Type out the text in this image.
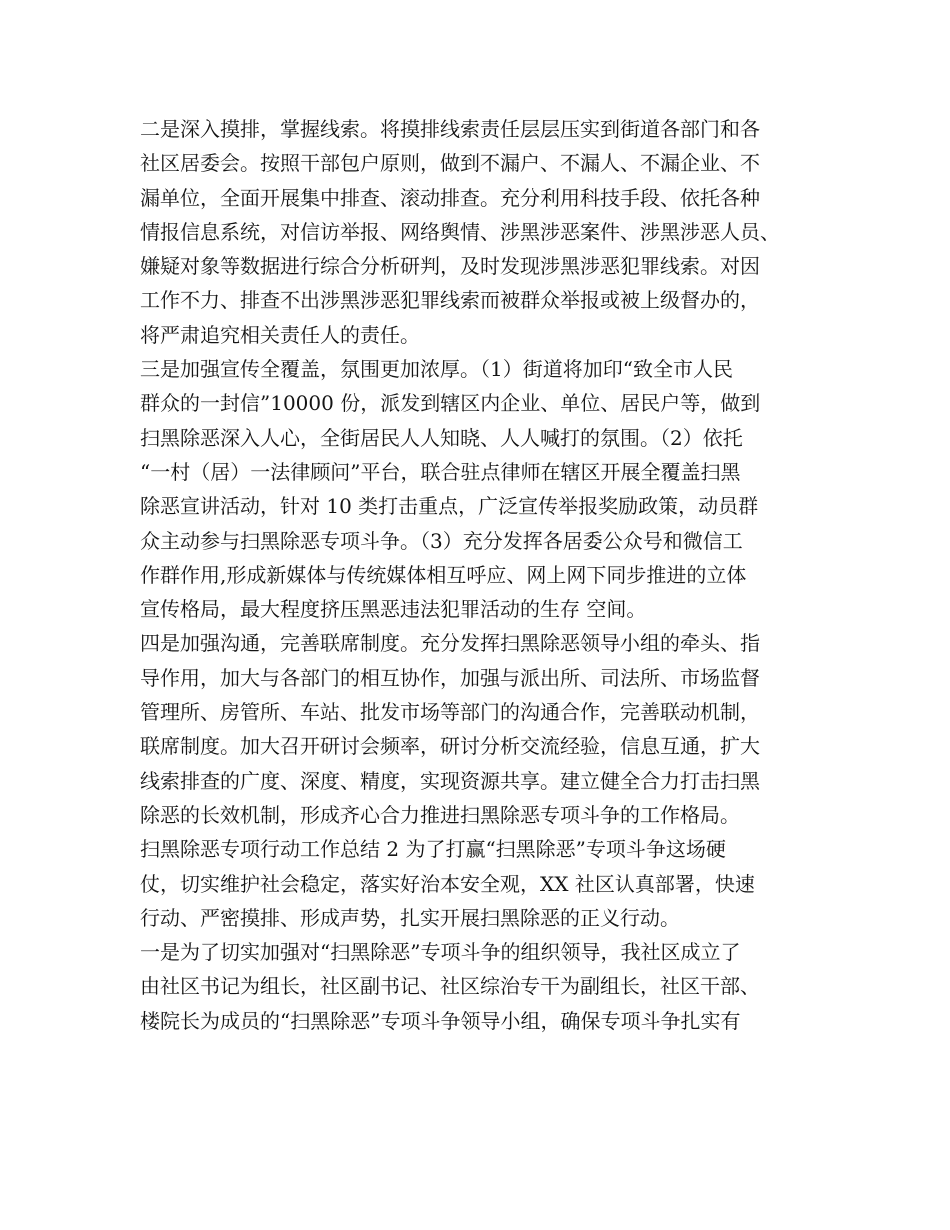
二是深入摸排，掌握线索。将摸排线索责任层层压实到街道各部门和各
社区居委会。按照干部包户原则，做到不漏户、不漏人、不漏企业、不
漏单位，全面开展集中排查、滚动排查。充分利用科技手段、依托各种
情报信息系统，对信访举报、网络舆情、涉黑涉恶案件、涉黑涉恶人员、
嫌疑对象等数据进行综合分析研判，及时发现涉黑涉恶犯罪线索。对因
工作不力、排查不出涉黑涉恶犯罪线索而被群众举报或被上级督办的，
将严肃追究相关责任人的责任。
三是加强宣传全覆盖，氛围更加浓厚。（1）街道将加印“致全市人民
群众的一封信”10000 份，派发到辖区内企业、单位、居民户等，做到
扫黑除恶深入人心，全街居民人人知晓、人人喊打的氛围。（2）依托
“一村（居）一法律顾问”平台，联合驻点律师在辖区开展全覆盖扫黑
除恶宣讲活动，针对 10 类打击重点，广泛宣传举报奖励政策，动员群
众主动参与扫黑除恶专项斗争。（3）充分发挥各居委公众号和微信工
作群作用,形成新媒体与传统媒体相互呼应、网上网下同步推进的立体
宣传格局，最大程度挤压黑恶违法犯罪活动的生存 空间。
四是加强沟通，完善联席制度。充分发挥扫黑除恶领导小组的牵头、指
导作用，加大与各部门的相互协作，加强与派出所、司法所、市场监督
管理所、房管所、车站、批发市场等部门的沟通合作，完善联动机制，
联席制度。加大召开研讨会频率，研讨分析交流经验，信息互通，扩大
线索排查的广度、深度、精度，实现资源共享。建立健全合力打击扫黑
除恶的长效机制，形成齐心合力推进扫黑除恶专项斗争的工作格局。
扫黑除恶专项行动工作总结 2 为了打赢“扫黑除恶”专项斗争这场硬
仗，切实维护社会稳定，落实好治本安全观，XX 社区认真部署，快速
行动、严密摸排、形成声势，扎实开展扫黑除恶的正义行动。
一是为了切实加强对“扫黑除恶”专项斗争的组织领导，我社区成立了
由社区书记为组长，社区副书记、社区综治专干为副组长，社区干部、
楼院长为成员的“扫黑除恶”专项斗争领导小组，确保专项斗争扎实有
